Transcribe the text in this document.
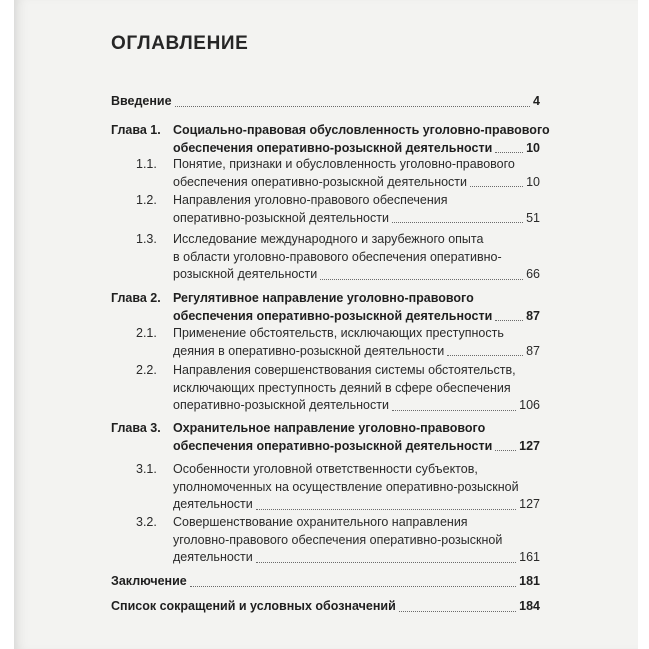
ОГЛАВЛЕНИЕ
Введение	4
Глава 1. Социально-правовая обусловленность уголовно-правового
обеспечения оперативно-розыскной деятельности	10
1.1. Понятие, признаки и обусловленность уголовно-правового
обеспечения оперативно-розыскной деятельности	10
1.2. Направления уголовно-правового обеспечения
оперативно-розыскной деятельности	51
1.3. Исследование международного и зарубежного опыта
в области уголовно-правового обеспечения оперативно-
розыскной деятельности	66
Глава 2. Регулятивное направление уголовно-правового
обеспечения оперативно-розыскной деятельности	87
2.1. Применение обстоятельств, исключающих преступность
деяния в оперативно-розыскной деятельности	87
2.2. Направления совершенствования системы обстоятельств,
исключающих преступность деяний в сфере обеспечения
оперативно-розыскной деятельности	106
Глава 3. Охранительное направление уголовно-правового
обеспечения оперативно-розыскной деятельности 127
3.1. Особенности уголовной ответственности субъектов,
уполномоченных на осуществление оперативно-розыскной
деятельности	127
3.2. Совершенствование охранительного направления
уголовно-правового обеспечения оперативно-розыскной
деятельности	161
Заключение	181
Список сокращений и условных обозначений	184
